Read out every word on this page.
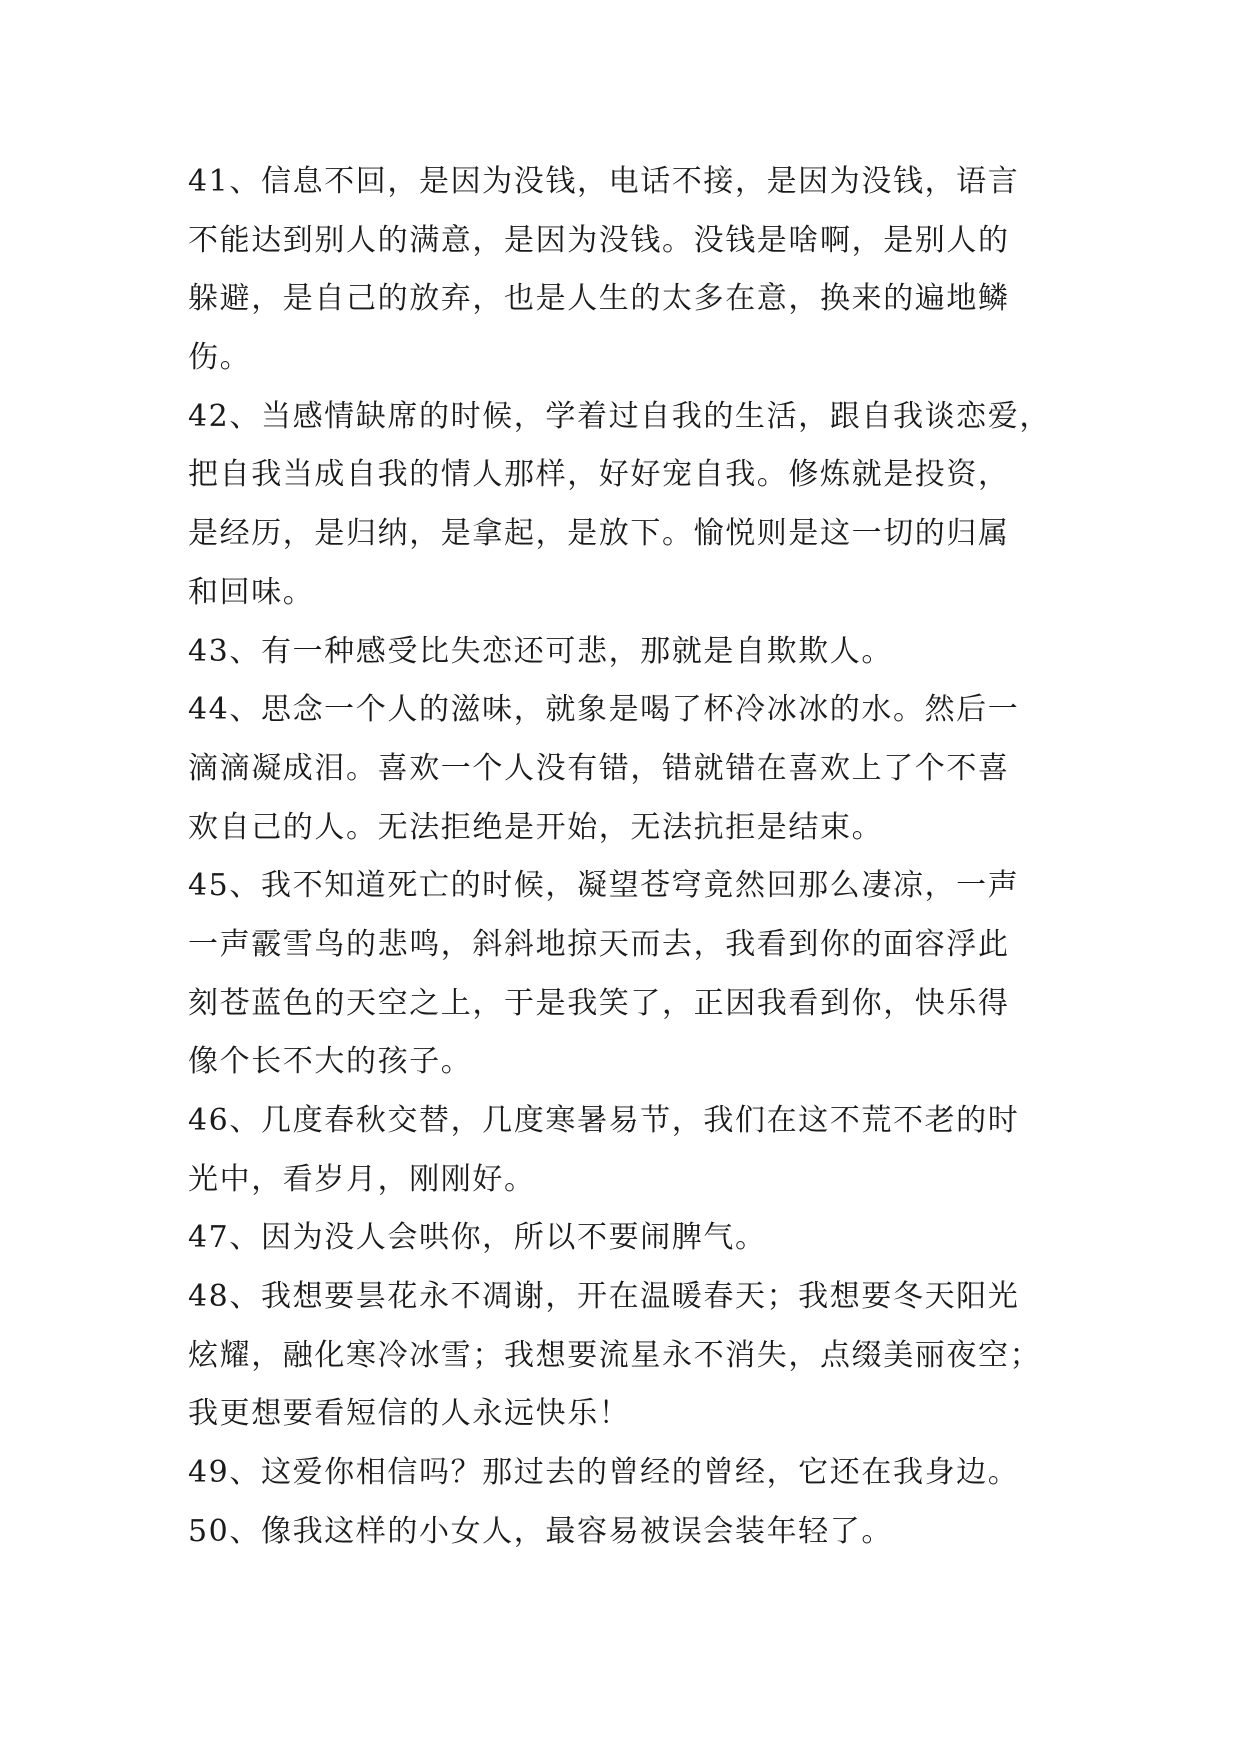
41、信息不回，是因为没钱，电话不接，是因为没钱，语言
不能达到别人的满意，是因为没钱。没钱是啥啊，是别人的
躲避，是自己的放弃，也是人生的太多在意，换来的遍地鳞
伤。
42、当感情缺席的时候，学着过自我的生活，跟自我谈恋爱，
把自我当成自我的情人那样，好好宠自我。修炼就是投资，
是经历，是归纳，是拿起，是放下。愉悦则是这一切的归属
和回味。
43、有一种感受比失恋还可悲，那就是自欺欺人。
44、思念一个人的滋味，就象是喝了杯冷冰冰的水。然后一
滴滴凝成泪。喜欢一个人没有错，错就错在喜欢上了个不喜
欢自己的人。无法拒绝是开始，无法抗拒是结束。
45、我不知道死亡的时候，凝望苍穹竟然回那么凄凉，一声
一声霰雪鸟的悲鸣，斜斜地掠天而去，我看到你的面容浮此
刻苍蓝色的天空之上，于是我笑了，正因我看到你，快乐得
像个长不大的孩子。
46、几度春秋交替，几度寒暑易节，我们在这不荒不老的时
光中，看岁月，刚刚好。
47、因为没人会哄你，所以不要闹脾气。
48、我想要昙花永不凋谢，开在温暖春天；我想要冬天阳光
炫耀，融化寒冷冰雪；我想要流星永不消失，点缀美丽夜空；
我更想要看短信的人永远快乐！
49、这爱你相信吗？那过去的曾经的曾经，它还在我身边。
50、像我这样的小女人，最容易被误会装年轻了。
